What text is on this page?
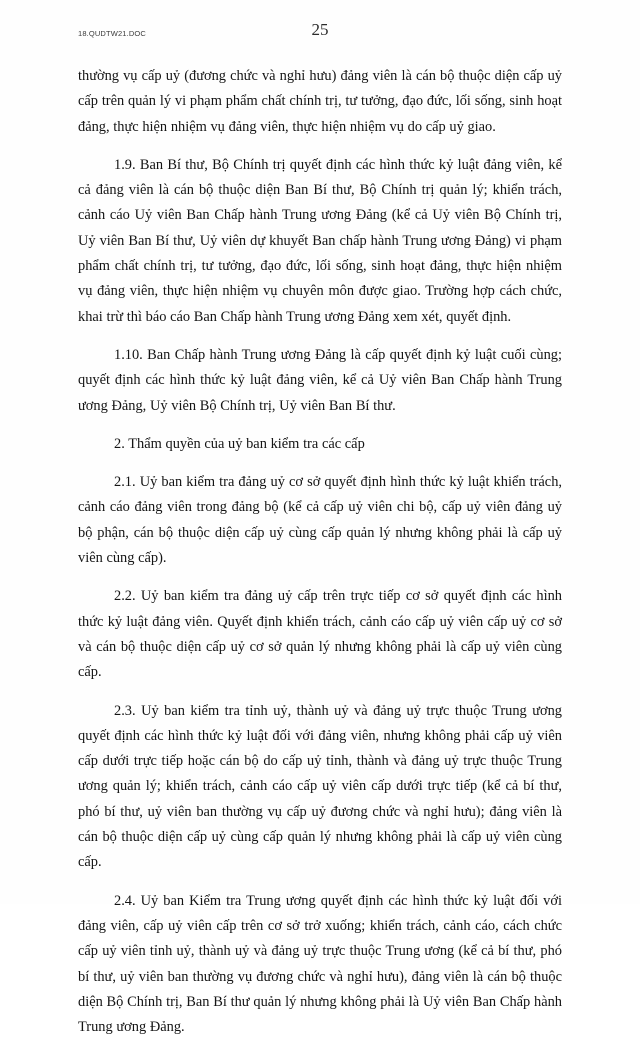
18.QUDTW21.DOC	25

thường vụ cấp uỷ (đương chức và nghỉ hưu) đảng viên là cán bộ thuộc diện cấp uỷ cấp trên quản lý vi phạm phẩm chất chính trị, tư tưởng, đạo đức, lối sống, sinh hoạt đảng, thực hiện nhiệm vụ đảng viên, thực hiện nhiệm vụ do cấp uỷ giao.

1.9. Ban Bí thư, Bộ Chính trị quyết định các hình thức kỷ luật đảng viên, kể cả đảng viên là cán bộ thuộc diện Ban Bí thư, Bộ Chính trị quản lý; khiển trách, cảnh cáo Uỷ viên Ban Chấp hành Trung ương Đảng (kể cả Uỷ viên Bộ Chính trị, Uỷ viên Ban Bí thư, Uỷ viên dự khuyết Ban chấp hành Trung ương Đảng) vi phạm phẩm chất chính trị, tư tưởng, đạo đức, lối sống, sinh hoạt đảng, thực hiện nhiệm vụ đảng viên, thực hiện nhiệm vụ chuyên môn được giao. Trường hợp cách chức, khai trừ thì báo cáo Ban Chấp hành Trung ương Đảng xem xét, quyết định.

1.10. Ban Chấp hành Trung ương Đảng là cấp quyết định kỷ luật cuối cùng; quyết định các hình thức kỷ luật đảng viên, kể cả Uỷ viên Ban Chấp hành Trung ương Đảng, Uỷ viên Bộ Chính trị, Uỷ viên Ban Bí thư.

2. Thẩm quyền của uỷ ban kiểm tra các cấp

2.1. Uỷ ban kiểm tra đảng uỷ cơ sở quyết định hình thức kỷ luật khiển trách, cảnh cáo đảng viên trong đảng bộ (kể cả cấp uỷ viên chi bộ, cấp uỷ viên đảng uỷ bộ phận, cán bộ thuộc diện cấp uỷ cùng cấp quản lý nhưng không phải là cấp uỷ viên cùng cấp).

2.2. Uỷ ban kiểm tra đảng uỷ cấp trên trực tiếp cơ sở quyết định các hình thức kỷ luật đảng viên. Quyết định khiển trách, cảnh cáo cấp uỷ viên cấp uỷ cơ sở và cán bộ thuộc diện cấp uỷ cơ sở quản lý nhưng không phải là cấp uỷ viên cùng cấp.

2.3. Uỷ ban kiểm tra tỉnh uỷ, thành uỷ và đảng uỷ trực thuộc Trung ương quyết định các hình thức kỷ luật đối với đảng viên, nhưng không phải cấp uỷ viên cấp dưới trực tiếp hoặc cán bộ do cấp uỷ tỉnh, thành và đảng uỷ trực thuộc Trung ương quản lý; khiển trách, cảnh cáo cấp uỷ viên cấp dưới trực tiếp (kể cả bí thư, phó bí thư, uỷ viên ban thường vụ cấp uỷ đương chức và nghỉ hưu); đảng viên là cán bộ thuộc diện cấp uỷ cùng cấp quản lý nhưng không phải là cấp uỷ viên cùng cấp.

2.4. Uỷ ban Kiểm tra Trung ương quyết định các hình thức kỷ luật đối với đảng viên, cấp uỷ viên cấp trên cơ sở trở xuống; khiển trách, cảnh cáo, cách chức cấp uỷ viên tỉnh uỷ, thành uỷ và đảng uỷ trực thuộc Trung ương (kể cả bí thư, phó bí thư, uỷ viên ban thường vụ đương chức và nghỉ hưu), đảng viên là cán bộ thuộc diện Bộ Chính trị, Ban Bí thư quản lý nhưng không phải là Uỷ viên Ban Chấp hành Trung ương Đảng.
